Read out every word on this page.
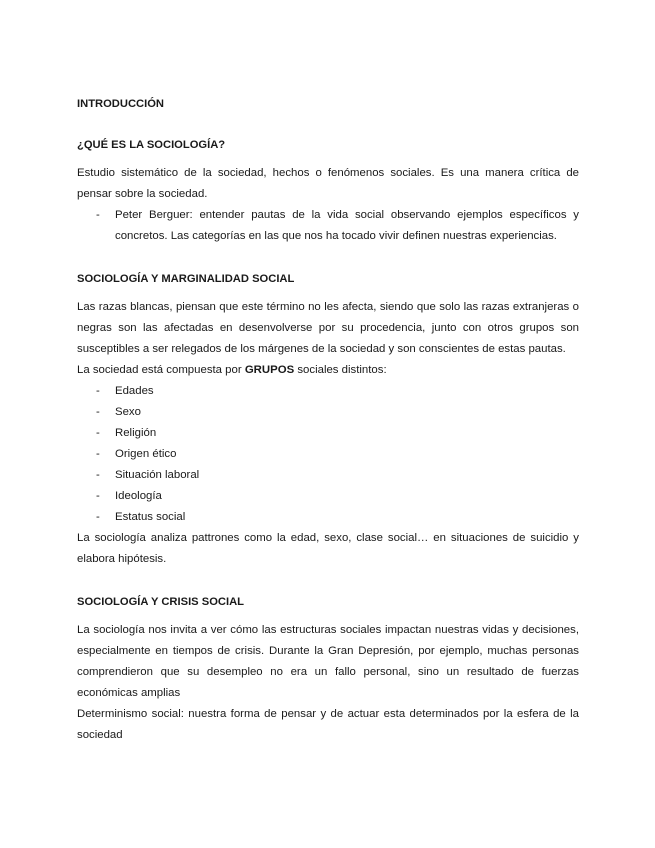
INTRODUCCIÓN

¿QUÉ ES LA SOCIOLOGÍA?

Estudio sistemático de la sociedad, hechos o fenómenos sociales. Es una manera crítica de pensar sobre la sociedad.

- Peter Berguer: entender pautas de la vida social observando ejemplos específicos y concretos. Las categorías en las que nos ha tocado vivir definen nuestras experiencias.

SOCIOLOGÍA Y MARGINALIDAD SOCIAL

Las razas blancas, piensan que este término no les afecta, siendo que solo las razas extranjeras o negras son las afectadas en desenvolverse por su procedencia, junto con otros grupos son susceptibles a ser relegados de los márgenes de la sociedad y son conscientes de estas pautas.

La sociedad está compuesta por GRUPOS sociales distintos:

- Edades
- Sexo
- Religión
- Origen ético
- Situación laboral
- Ideología
- Estatus social

La sociología analiza pattrones como la edad, sexo, clase social… en situaciones de suicidio y elabora hipótesis.

SOCIOLOGÍA Y CRISIS SOCIAL

La sociología nos invita a ver cómo las estructuras sociales impactan nuestras vidas y decisiones, especialmente en tiempos de crisis. Durante la Gran Depresión, por ejemplo, muchas personas comprendieron que su desempleo no era un fallo personal, sino un resultado de fuerzas económicas amplias

Determinismo social: nuestra forma de pensar y de actuar esta determinados por la esfera de la sociedad
